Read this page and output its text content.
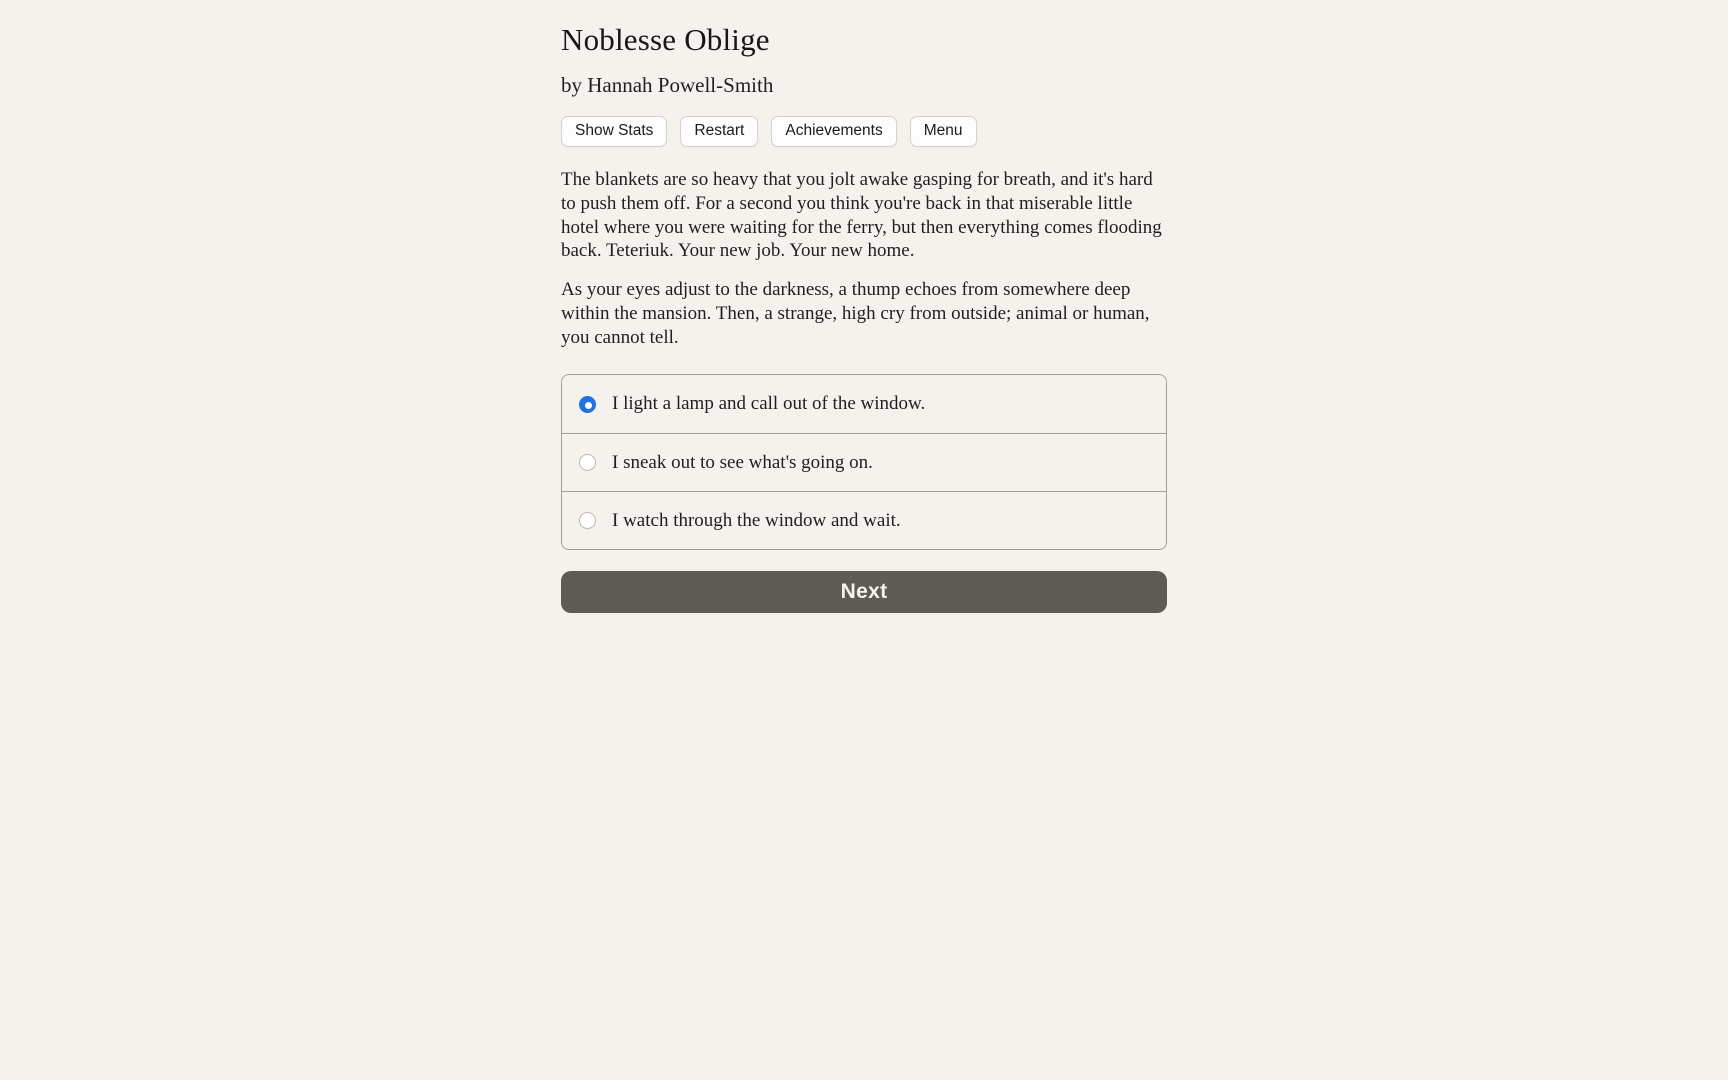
Noblesse Oblige

by Hannah Powell-Smith

Show Stats	Restart	Achievements	Menu

The blankets are so heavy that you jolt awake gasping for breath, and it's hard to push them off. For a second you think you're back in that miserable little hotel where you were waiting for the ferry, but then everything comes flooding back. Teteriuk. Your new job. Your new home.

As your eyes adjust to the darkness, a thump echoes from somewhere deep within the mansion. Then, a strange, high cry from outside; animal or human, you cannot tell.

I light a lamp and call out of the window.
I sneak out to see what's going on.
I watch through the window and wait.
Next
